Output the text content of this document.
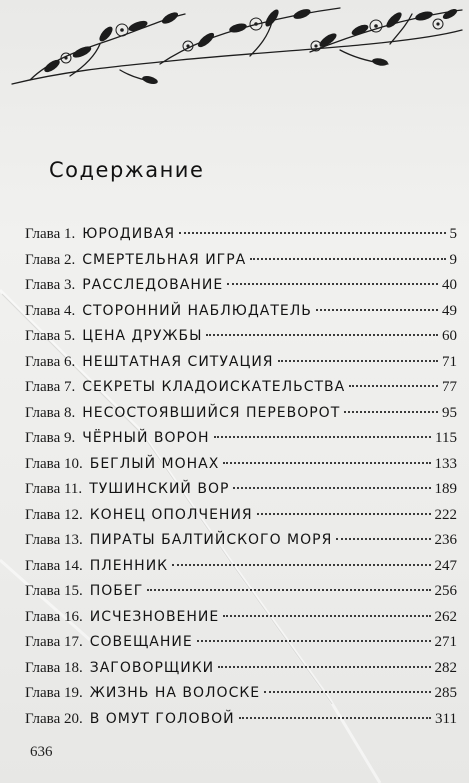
Содержание
Глава 1. ЮРОДИВАЯ	5
Глава 2. СМЕРТЕЛЬНАЯ ИГРА	9
Глава 3. РАССЛЕДОВАНИЕ	40
Глава 4. СТОРОННИЙ НАБЛЮДАТЕЛЬ	49
Глава 5. ЦЕНА ДРУЖБЫ	60
Глава 6. НЕШТАТНАЯ СИТУАЦИЯ	71
Глава 7. СЕКРЕТЫ КЛАДОИСКАТЕЛЬСТВА	77
Глава 8. НЕСОСТОЯВШИЙСЯ ПЕРЕВОРОТ	95
Глава 9. ЧЁРНЫЙ ВОРОН	115
Глава 10. БЕГЛЫЙ МОНАХ	133
Глава 11. ТУШИНСКИЙ ВОР	189
Глава 12. КОНЕЦ ОПОЛЧЕНИЯ	222
Глава 13. ПИРАТЫ БАЛТИЙСКОГО МОРЯ	236
Глава 14. ПЛЕННИК	247
Глава 15. ПОБЕГ	256
Глава 16. ИСЧЕЗНОВЕНИЕ	262
Глава 17. СОВЕЩАНИЕ	271
Глава 18. ЗАГОВОРЩИКИ	282
Глава 19. ЖИЗНЬ НА ВОЛОСКЕ	285
Глава 20. В ОМУТ ГОЛОВОЙ	311
636
